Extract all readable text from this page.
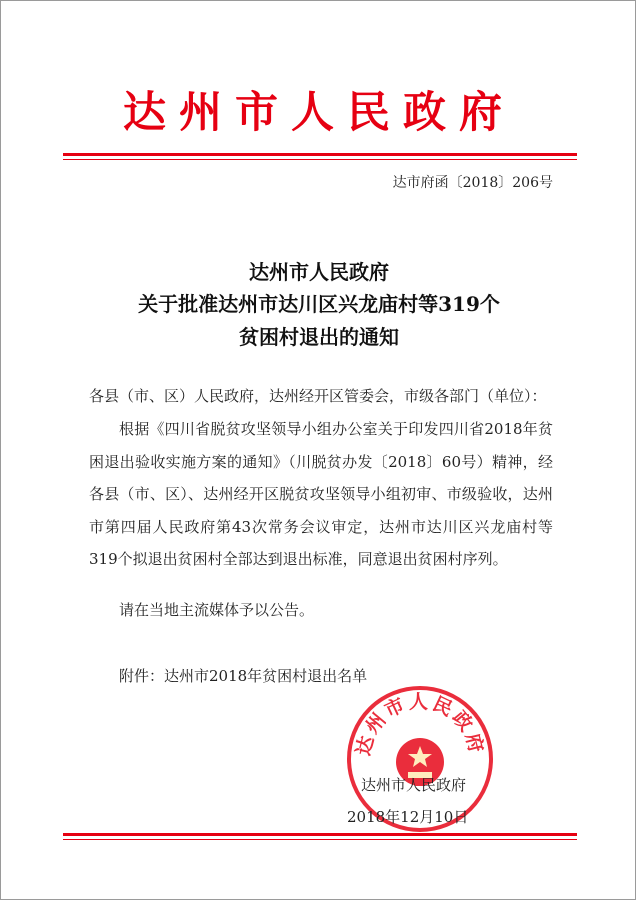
达州市人民政府
达市府函〔2018〕206号
达州市人民政府
关于批准达州市达川区兴龙庙村等319个
贫困村退出的通知
各县（市、区）人民政府，达州经开区管委会，市级各部门（单位）：
根据《四川省脱贫攻坚领导小组办公室关于印发四川省2018年贫困退出验收实施方案的通知》（川脱贫办发〔2018〕60号）精神，经各县（市、区）、达州经开区脱贫攻坚领导小组初审、市级验收，达州市第四届人民政府第43次常务会议审定，达州市达川区兴龙庙村等319个拟退出贫困村全部达到退出标准，同意退出贫困村序列。
请在当地主流媒体予以公告。
附件：达州市2018年贫困村退出名单
达州市人民政府
达州市人民政府
2018年12月10日
